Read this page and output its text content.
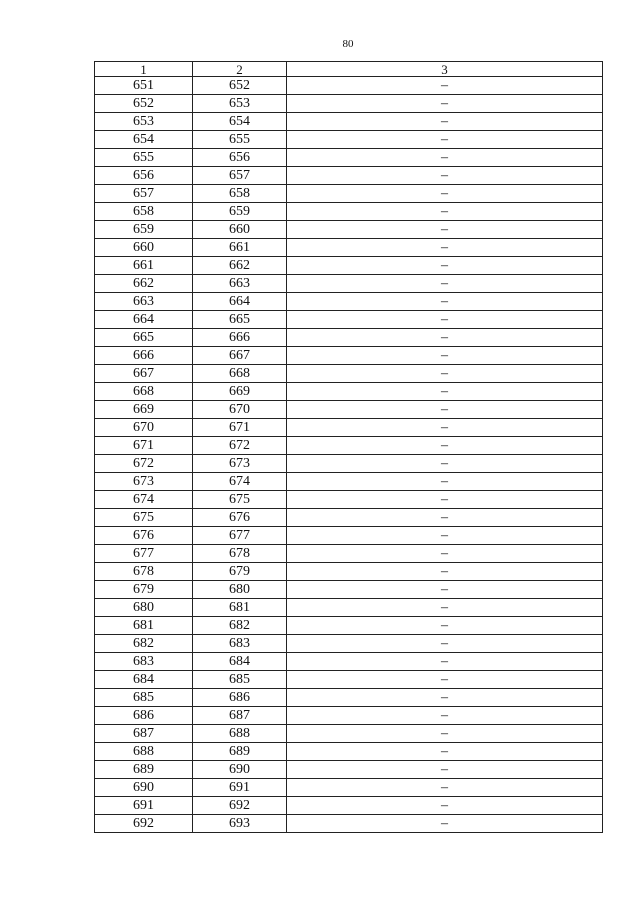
80
1	2	3
651	652	–
652	653	–
653	654	–
654	655	–
655	656	–
656	657	–
657	658	–
658	659	–
659	660	–
660	661	–
661	662	–
662	663	–
663	664	–
664	665	–
665	666	–
666	667	–
667	668	–
668	669	–
669	670	–
670	671	–
671	672	–
672	673	–
673	674	–
674	675	–
675	676	–
676	677	–
677	678	–
678	679	–
679	680	–
680	681	–
681	682	–
682	683	–
683	684	–
684	685	–
685	686	–
686	687	–
687	688	–
688	689	–
689	690	–
690	691	–
691	692	–
692	693	–
